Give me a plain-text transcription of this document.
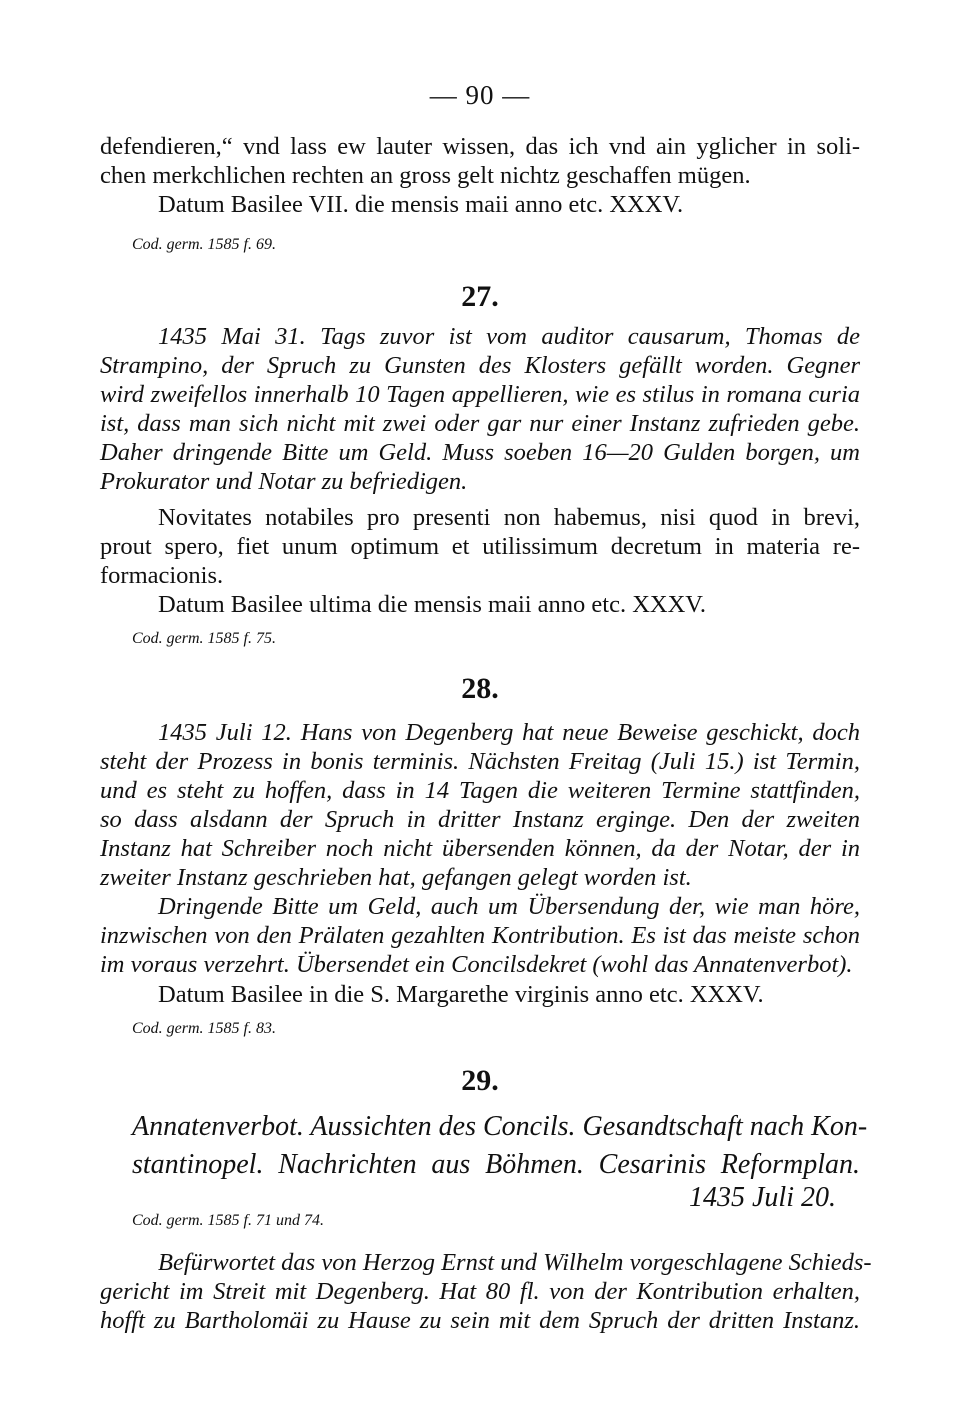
— 90 —

defendieren,“ vnd lass ew lauter wissen, das ich vnd ain yglicher in soli-

chen merkchlichen rechten an gross gelt nichtz geschaffen mügen.

Datum Basilee VII. die mensis maii anno etc. XXXV.

Cod. germ. 1585 f. 69.
27.

1435 Mai 31. Tags zuvor ist vom auditor causarum, Thomas de

Strampino, der Spruch zu Gunsten des Klosters gefällt worden. Gegner

wird zweifellos innerhalb 10 Tagen appellieren, wie es stilus in romana curia

ist, dass man sich nicht mit zwei oder gar nur einer Instanz zufrieden gebe.

Daher dringende Bitte um Geld. Muss soeben 16—20 Gulden borgen, um

Prokurator und Notar zu befriedigen.

Novitates notabiles pro presenti non habemus, nisi quod in brevi,

prout spero, fiet unum optimum et utilissimum decretum in materia re-

formacionis.

Datum Basilee ultima die mensis maii anno etc. XXXV.

Cod. germ. 1585 f. 75.
28.

1435 Juli 12. Hans von Degenberg hat neue Beweise geschickt, doch

steht der Prozess in bonis terminis. Nächsten Freitag (Juli 15.) ist Termin,

und es steht zu hoffen, dass in 14 Tagen die weiteren Termine stattfinden,

so dass alsdann der Spruch in dritter Instanz erginge. Den der zweiten

Instanz hat Schreiber noch nicht übersenden können, da der Notar, der in

zweiter Instanz geschrieben hat, gefangen gelegt worden ist.

Dringende Bitte um Geld, auch um Übersendung der, wie man höre,

inzwischen von den Prälaten gezahlten Kontribution. Es ist das meiste schon

im voraus verzehrt. Übersendet ein Concilsdekret (wohl das Annatenverbot).

Datum Basilee in die S. Margarethe virginis anno etc. XXXV.

Cod. germ. 1585 f. 83.
29.

Annatenverbot. Aussichten des Concils. Gesandtschaft nach Kon-

stantinopel. Nachrichten aus Böhmen. Cesarinis Reformplan.

1435 Juli 20.
Cod. germ. 1585 f. 71 und 74.

Befürwortet das von Herzog Ernst und Wilhelm vorgeschlagene Schieds-

gericht im Streit mit Degenberg. Hat 80 fl. von der Kontribution erhalten,

hofft zu Bartholomäi zu Hause zu sein mit dem Spruch der dritten Instanz.
